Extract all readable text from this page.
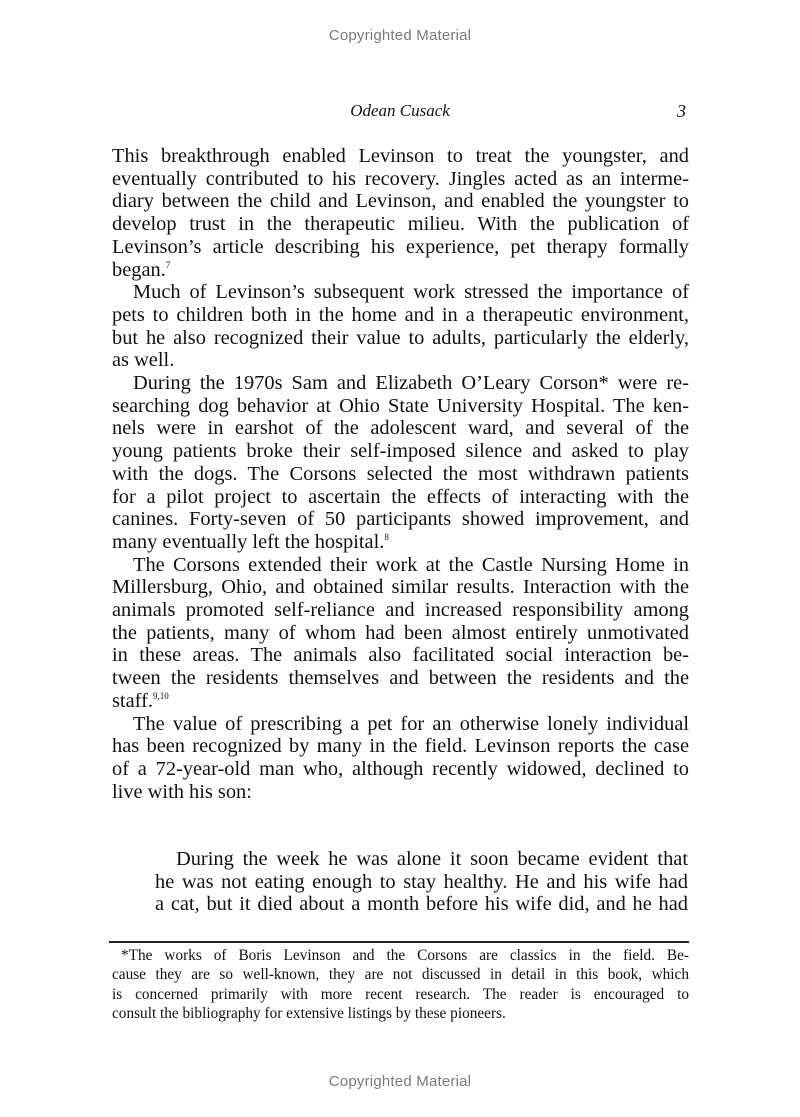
Copyrighted Material
Odean Cusack	3

This breakthrough enabled Levinson to treat the youngster, and

eventually contributed to his recovery. Jingles acted as an interme-

diary between the child and Levinson, and enabled the youngster to

develop trust in the therapeutic milieu. With the publication of

Levinson’s article describing his experience, pet therapy formally

began.$^7$

Much of Levinson’s subsequent work stressed the importance of

pets to children both in the home and in a therapeutic environment,

but he also recognized their value to adults, particularly the elderly,

as well.

During the 1970s Sam and Elizabeth O’Leary Corson* were re-

searching dog behavior at Ohio State University Hospital. The ken-

nels were in earshot of the adolescent ward, and several of the

young patients broke their self-imposed silence and asked to play

with the dogs. The Corsons selected the most withdrawn patients

for a pilot project to ascertain the effects of interacting with the

canines. Forty-seven of 50 participants showed improvement, and

many eventually left the hospital.$^8$

The Corsons extended their work at the Castle Nursing Home in

Millersburg, Ohio, and obtained similar results. Interaction with the

animals promoted self-reliance and increased responsibility among

the patients, many of whom had been almost entirely unmotivated

in these areas. The animals also facilitated social interaction be-

tween the residents themselves and between the residents and the

staff.$^{9,10}$

The value of prescribing a pet for an otherwise lonely individual

has been recognized by many in the field. Levinson reports the case

of a 72-year-old man who, although recently widowed, declined to

live with his son:

During the week he was alone it soon became evident that

he was not eating enough to stay healthy. He and his wife had

a cat, but it died about a month before his wife did, and he had

*The works of Boris Levinson and the Corsons are classics in the field. Be-

cause they are so well-known, they are not discussed in detail in this book, which

is concerned primarily with more recent research. The reader is encouraged to

consult the bibliography for extensive listings by these pioneers.

Copyrighted Material
